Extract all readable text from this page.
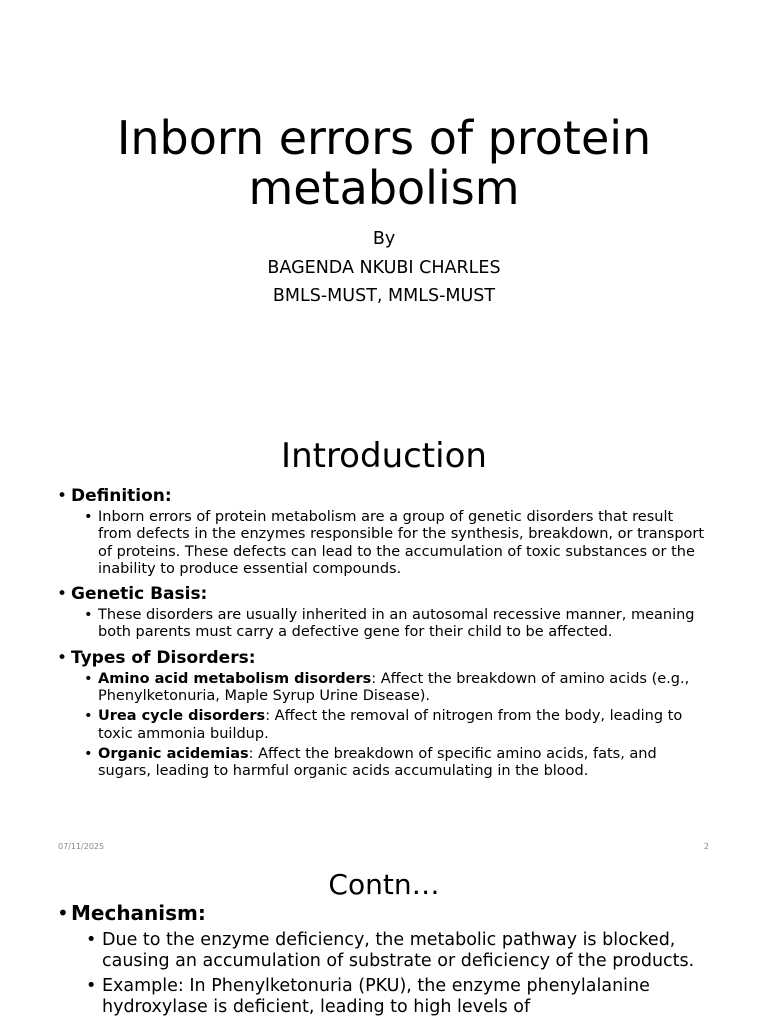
Inborn errors of protein metabolism
By
BAGENDA NKUBI CHARLES
BMLS-MUST, MMLS-MUST
Introduction
• Definition:
• Inborn errors of protein metabolism are a group of genetic disorders that result from defects in the enzymes responsible for the synthesis, breakdown, or transport of proteins. These defects can lead to the accumulation of toxic substances or the inability to produce essential compounds.
• Genetic Basis:
• These disorders are usually inherited in an autosomal recessive manner, meaning both parents must carry a defective gene for their child to be affected.
• Types of Disorders:
• Amino acid metabolism disorders: Affect the breakdown of amino acids (e.g., Phenylketonuria, Maple Syrup Urine Disease).
• Urea cycle disorders: Affect the removal of nitrogen from the body, leading to toxic ammonia buildup.
• Organic acidemias: Affect the breakdown of specific amino acids, fats, and sugars, leading to harmful organic acids accumulating in the blood.
07/11/2025	2
Contn…
• Mechanism:
• Due to the enzyme deficiency, the metabolic pathway is blocked, causing an accumulation of substrate or deficiency of the products.
• Example: In Phenylketonuria (PKU), the enzyme phenylalanine hydroxylase is deficient, leading to high levels of
